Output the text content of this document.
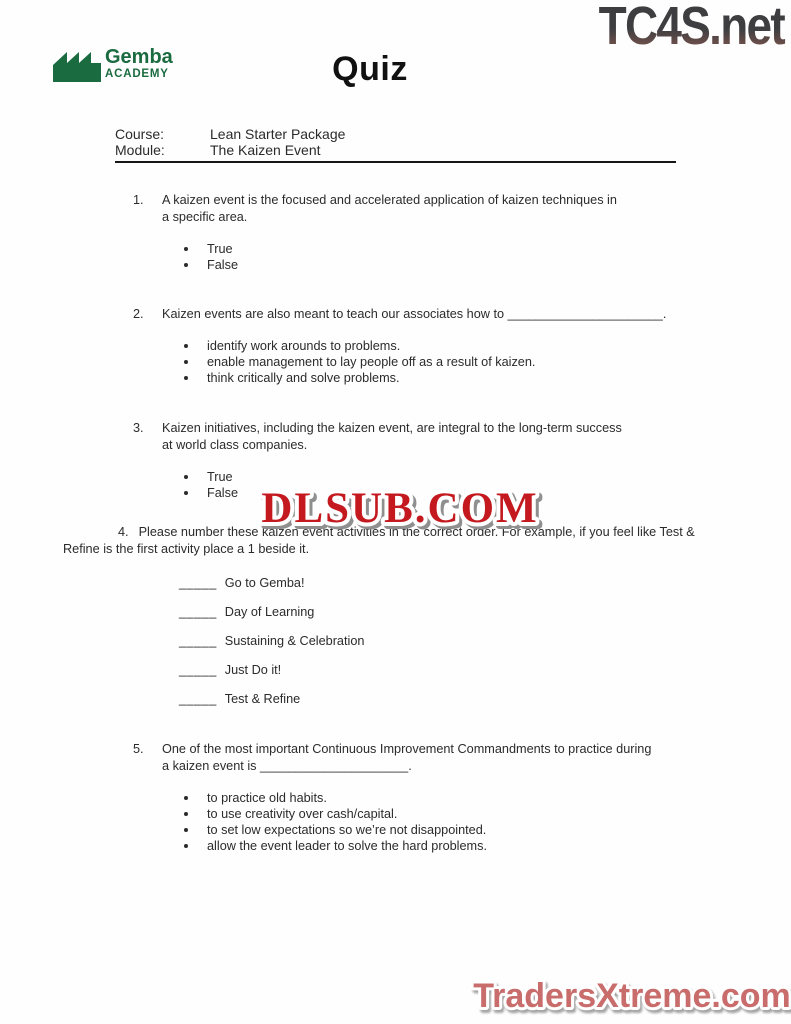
TC4S.net
Gemba
ACADEMY	Quiz
Course:	Lean Starter Package
Module:	The Kaizen Event
1.	A kaizen event is the focused and accelerated application of kaizen techniques in a specific area.
True
False
2.	Kaizen events are also meant to teach our associates how to ______________________.
identify work arounds to problems.
enable management to lay people off as a result of kaizen.
think critically and solve problems.
3.	Kaizen initiatives, including the kaizen event, are integral to the long-term success at world class companies.
True
False

4. Please number these kaizen event activities in the correct order. For example, if you feel like Test & Refine is the first activity place a 1 beside it.

_____ Go to Gemba!
_____ Day of Learning
_____ Sustaining & Celebration
_____ Just Do it!
_____ Test & Refine
5.	One of the most important Continuous Improvement Commandments to practice during a kaizen event is _____________________.
to practice old habits.
to use creativity over cash/capital.
to set low expectations so we’re not disappointed.
allow the event leader to solve the hard problems.
DLSUB.COM
TradersXtreme.com
